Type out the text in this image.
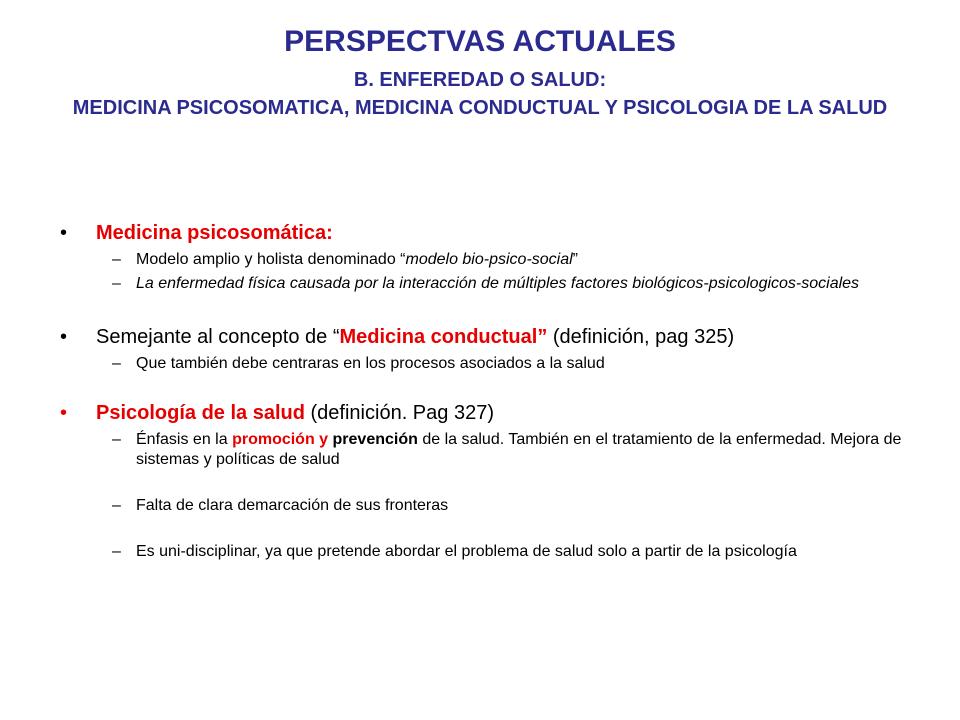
PERSPECTVAS ACTUALES
B. ENFEREDAD O SALUD:
MEDICINA PSICOSOMATICA, MEDICINA CONDUCTUAL Y PSICOLOGIA DE LA SALUD
• Medicina psicosomática:
– Modelo amplio y holista denominado “modelo bio-psico-social”
– La enfermedad física causada por la interacción de múltiples factores biológicos-psicologicos-sociales
• Semejante al concepto de “Medicina conductual” (definición, pag 325)
– Que también debe centraras en los procesos asociados a la salud
• Psicología de la salud (definición. Pag 327)
– Énfasis en la promoción y prevención de la salud. También en el tratamiento de la enfermedad. Mejora de sistemas y políticas de salud
– Falta de clara demarcación de sus fronteras
– Es uni-disciplinar, ya que pretende abordar el problema de salud solo a partir de la psicología
